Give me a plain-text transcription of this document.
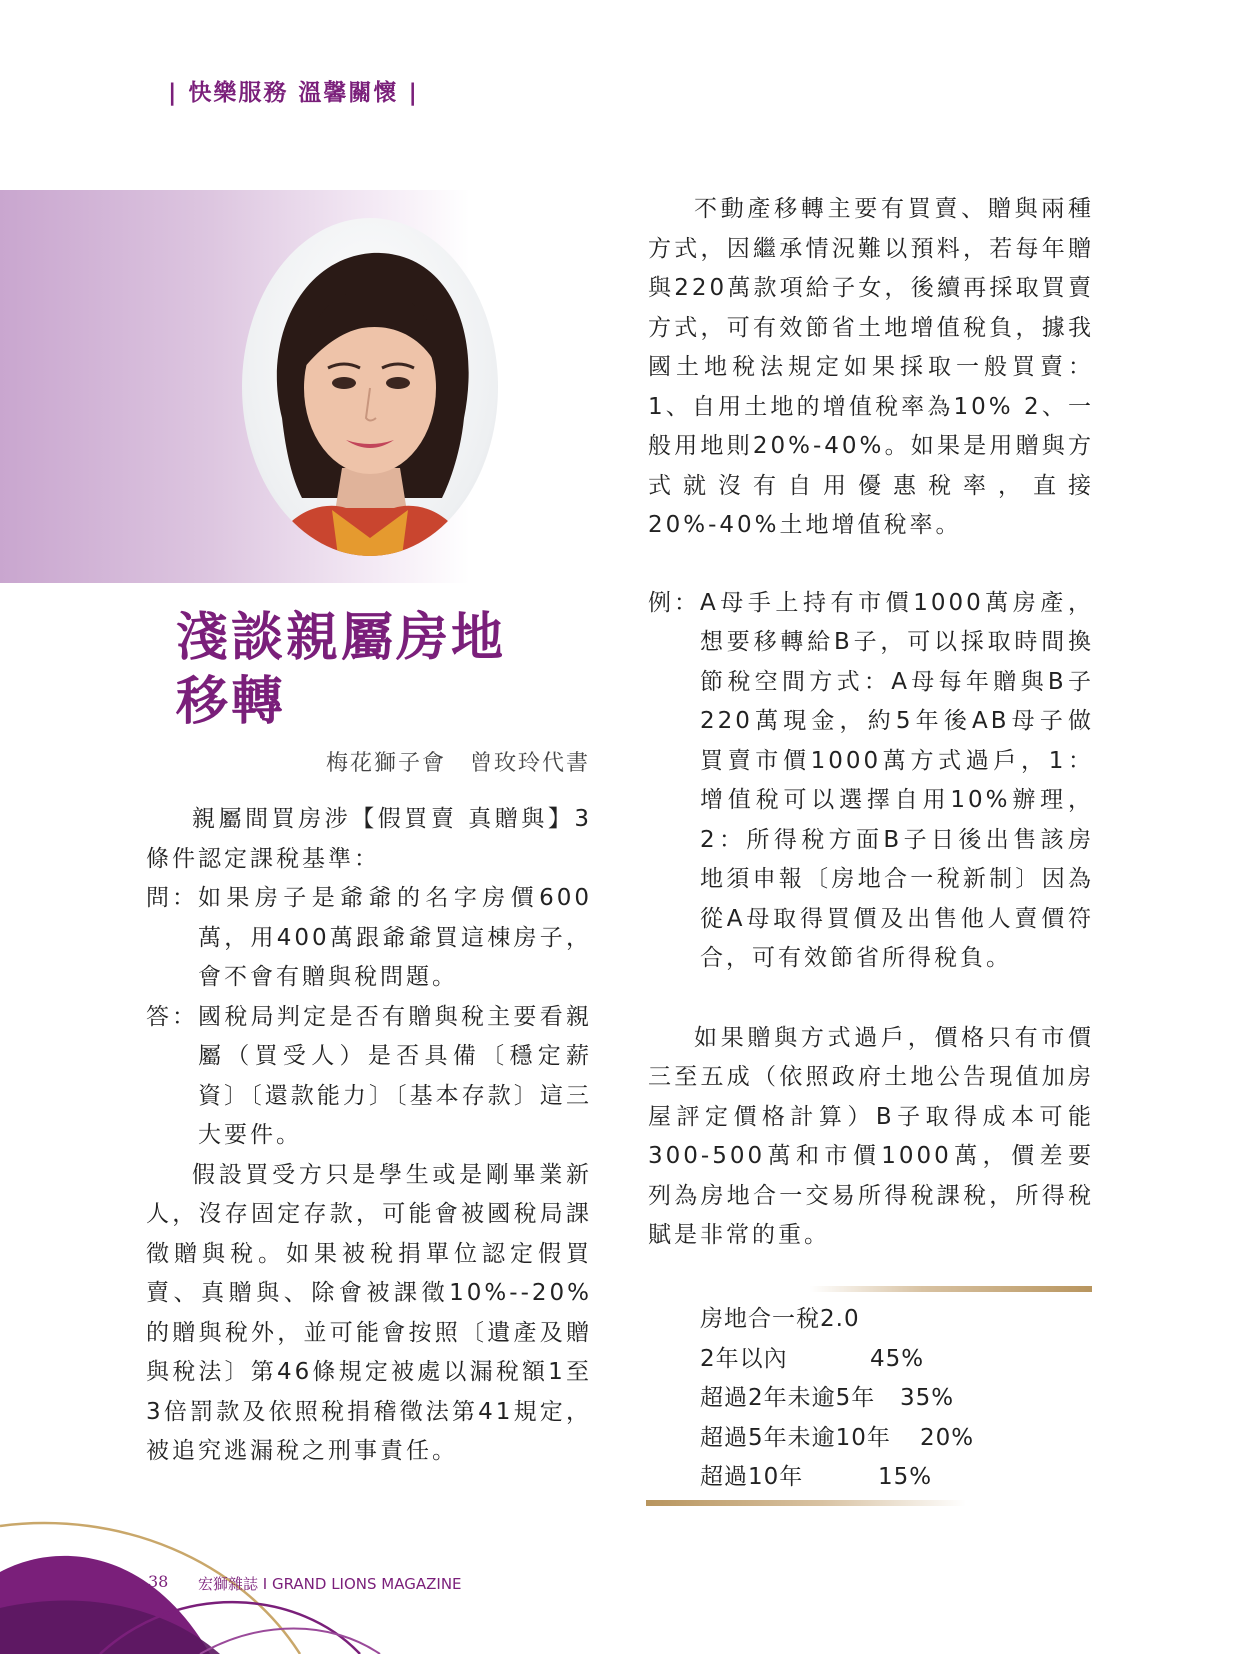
| 快樂服務 溫馨關懷 |
淺談親屬房地
移轉
梅花獅子會　曾玫玲代書

親屬間買房涉【假買賣 真贈與】3條件認定課稅基準：

問： 如果房子是爺爺的名字房價600萬，用400萬跟爺爺買這棟房子，會不會有贈與稅問題。
答： 國稅局判定是否有贈與稅主要看親屬（買受人）是否具備〔穩定薪資〕〔還款能力〕〔基本存款〕這三大要件。

假設買受方只是學生或是剛畢業新人，沒存固定存款，可能會被國稅局課徵贈與稅。如果被稅捐單位認定假買賣、真贈與、除會被課徵10%--20%的贈與稅外，並可能會按照〔遺產及贈與稅法〕第46條規定被處以漏稅額1至3倍罰款及依照稅捐稽徵法第41規定，被追究逃漏稅之刑事責任。

不動產移轉主要有買賣、贈與兩種方式，因繼承情況難以預料，若每年贈與220萬款項給子女，後續再採取買賣方式，可有效節省土地增值稅負，據我國土地稅法規定如果採取一般買賣：1、自用土地的增值稅率為10% 2、一般用地則20%-40%。如果是用贈與方式就沒有自用優惠稅率，直接20%-40%土地增值稅率。

例： A母手上持有市價1000萬房產，想要移轉給B子，可以採取時間換節稅空間方式：A母每年贈與B子220萬現金，約5年後AB母子做買賣市價1000萬方式過戶，1：增值稅可以選擇自用10%辦理，2：所得稅方面B子日後出售該房地須申報〔房地合一稅新制〕因為從A母取得買價及出售他人賣價符合，可有效節省所得稅負。

如果贈與方式過戶，價格只有市價三至五成（依照政府土地公告現值加房屋評定價格計算）B子取得成本可能300-500萬和市價1000萬，價差要列為房地合一交易所得稅課稅，所得稅賦是非常的重。

房地合一稅2.0
2年以內	45%
超過2年未逾5年	35%
超過5年未逾10年	20%
超過10年	15%
38 宏獅雜誌 I GRAND LIONS MAGAZINE
